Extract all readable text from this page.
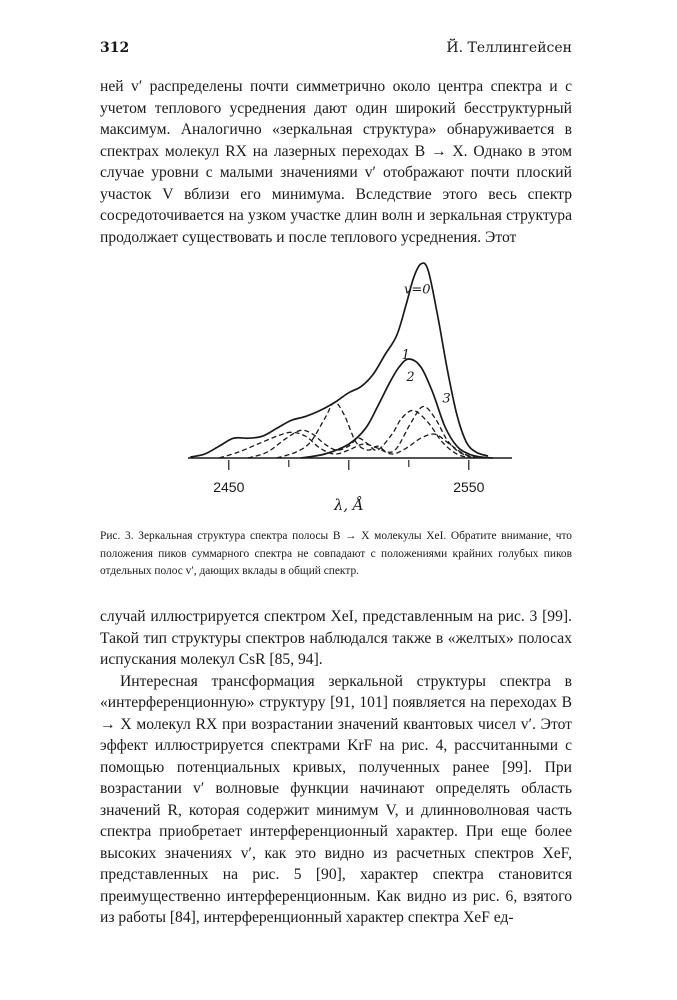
312	Й. Теллингейсен

ней v′ распределены почти симметрично около центра спектра и с учетом теплового усреднения дают один широкий бесструктурный максимум. Аналогично «зеркальная структура» обнаруживается в спектрах молекул RX на лазерных переходах B → X. Однако в этом случае уровни с малыми значениями v′ отображают почти плоский участок V вблизи его минимума. Вследствие этого весь спектр сосредоточивается на узком участке длин волн и зеркальная структура продолжает существовать и после теплового усреднения. Этот

2450	2550
λ, Å
v=0
1
2
3

Рис. 3. Зеркальная структура спектра полосы B → X молекулы XeI. Обратите внимание, что положения пиков суммарного спектра не совпадают с положениями крайних голубых пиков отдельных полос v′, дающих вклады в общий спектр.

случай иллюстрируется спектром XeI, представленным на рис. 3 [99]. Такой тип структуры спектров наблюдался также в «желтых» полосах испускания молекул CsR [85, 94].

Интересная трансформация зеркальной структуры спектра в «интерференционную» структуру [91, 101] появляется на переходах B → X молекул RX при возрастании значений квантовых чисел v′. Этот эффект иллюстрируется спектрами KrF на рис. 4, рассчитанными с помощью потенциальных кривых, полученных ранее [99]. При возрастании v′ волновые функции начинают определять область значений R, которая содержит минимум V, и длинноволновая часть спектра приобретает интерференционный характер. При еще более высоких значениях v′, как это видно из расчетных спектров XeF, представленных на рис. 5 [90], характер спектра становится преимущественно интерференционным. Как видно из рис. 6, взятого из работы [84], интерференционный характер спектра XeF ед-
